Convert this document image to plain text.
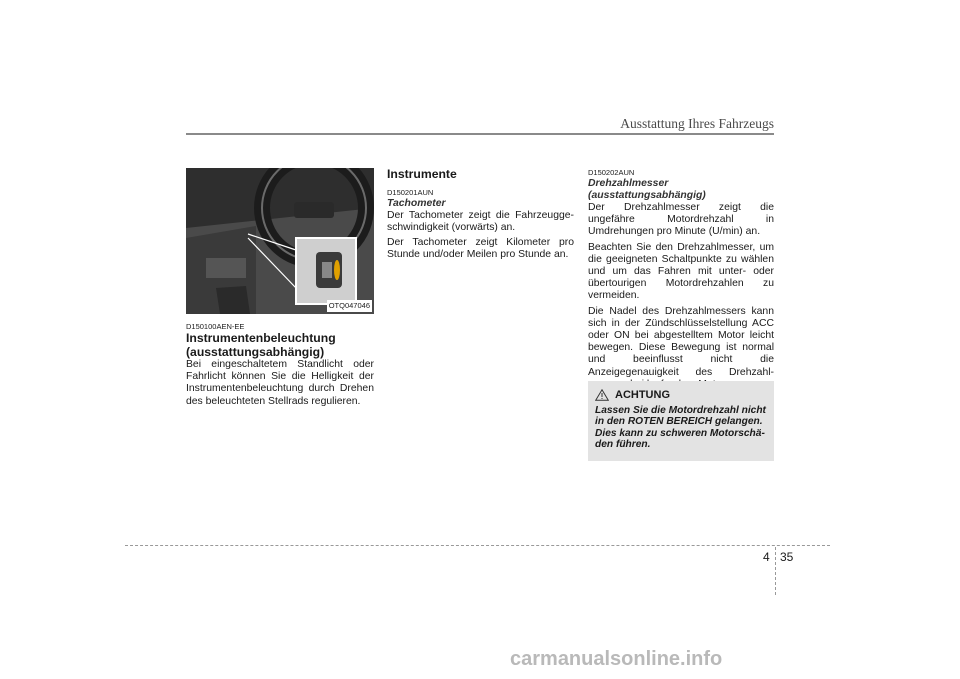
Ausstattung Ihres Fahrzeugs
OTQ047046
D150100AEN-EE
Instrumentenbeleuchtung (ausstattungsabhängig)

Bei eingeschaltetem Standlicht oder Fahrlicht können Sie die Helligkeit der Instrumentenbeleuchtung durch Drehen des beleuchteten Stellrads regulieren.

Instrumente
D150201AUN
Tachometer

Der Tachometer zeigt die Fahrzeugge-schwindigkeit (vorwärts) an.

Der Tachometer zeigt Kilometer pro Stunde und/oder Meilen pro Stunde an.

D150202AUN
Drehzahlmesser (ausstattungsabhängig)

Der Drehzahlmesser zeigt die ungefähre Motordrehzahl in Umdrehungen pro Minute (U/min) an.

Beachten Sie den Drehzahlmesser, um die geeigneten Schaltpunkte zu wählen und um das Fahren mit unter- oder übertourigen Motordrehzahlen zu vermeiden.

Die Nadel des Drehzahlmessers kann sich in der Zündschlüsselstellung ACC oder ON bei abgestelltem Motor leicht bewegen. Diese Bewegung ist normal und beeinflusst nicht die Anzeigegenauigkeit des Drehzahl-

ACHTUNG
Lassen Sie die Motordrehzahl nicht in den ROTEN BEREICH gelangen.
Dies kann zu schweren Motorschä-den führen.
4 35
carmanualsonline.info
